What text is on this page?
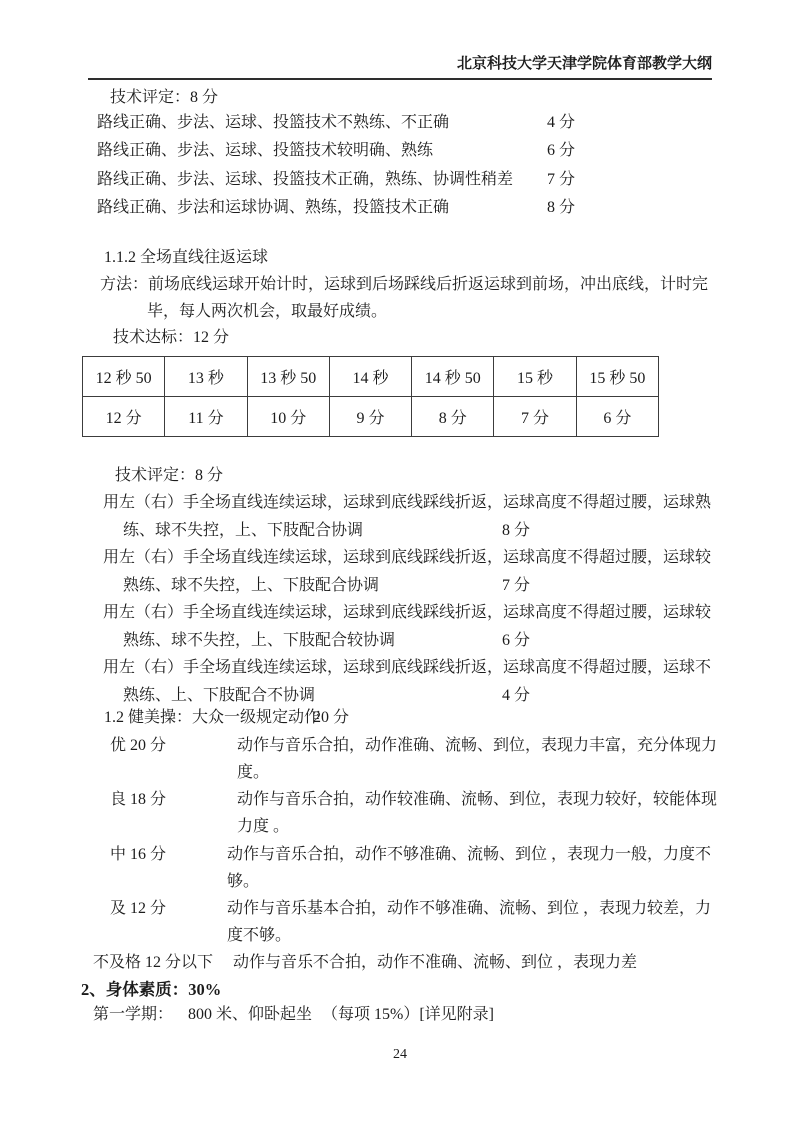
北京科技大学天津学院体育部教学大纲
技术评定：8 分
路线正确、步法、运球、投篮技术不熟练、不正确	4 分
路线正确、步法、运球、投篮技术较明确、熟练	6 分
路线正确、步法、运球、投篮技术正确，熟练、协调性稍差 7 分
路线正确、步法和运球协调、熟练，投篮技术正确	8 分
1.1.2 全场直线往返运球
方法：前场底线运球开始计时，运球到后场踩线后折返运球到前场，冲出底线，计时完
毕，每人两次机会，取最好成绩。
技术达标：12 分
12 秒 50	13 秒	13 秒 50	14 秒	14 秒 50	15 秒	15 秒 50
12 分	11 分	10 分	9 分	8 分	7 分	6 分
技术评定：8 分
用左（右）手全场直线连续运球，运球到底线踩线折返，运球高度不得超过腰，运球熟
练、球不失控，上、下肢配合协调	8 分
用左（右）手全场直线连续运球，运球到底线踩线折返，运球高度不得超过腰，运球较
熟练、球不失控，上、下肢配合协调	7 分
用左（右）手全场直线连续运球，运球到底线踩线折返，运球高度不得超过腰，运球较
熟练、球不失控，上、下肢配合较协调	6 分
用左（右）手全场直线连续运球，运球到底线踩线折返，运球高度不得超过腰，运球不
熟练、上、下肢配合不协调	4 分
1.2 健美操：大众一级规定动作
20 分
优 20 分	动作与音乐合拍，动作准确、流畅、到位，表现力丰富，充分体现力
度。
良 18 分	动作与音乐合拍，动作较准确、流畅、到位，表现力较好，较能体现
力度 。
中 16 分	动作与音乐合拍，动作不够准确、流畅、到位 ，表现力一般，力度不
够。
及 12 分	动作与音乐基本合拍，动作不够准确、流畅、到位 ，表现力较差，力
度不够。
不及格 12 分以下 动作与音乐不合拍，动作不准确、流畅、到位 ，表现力差
2、身体素质：30%
第一学期： 800 米、仰卧起坐 （每项 15%）[详见附录]
24
